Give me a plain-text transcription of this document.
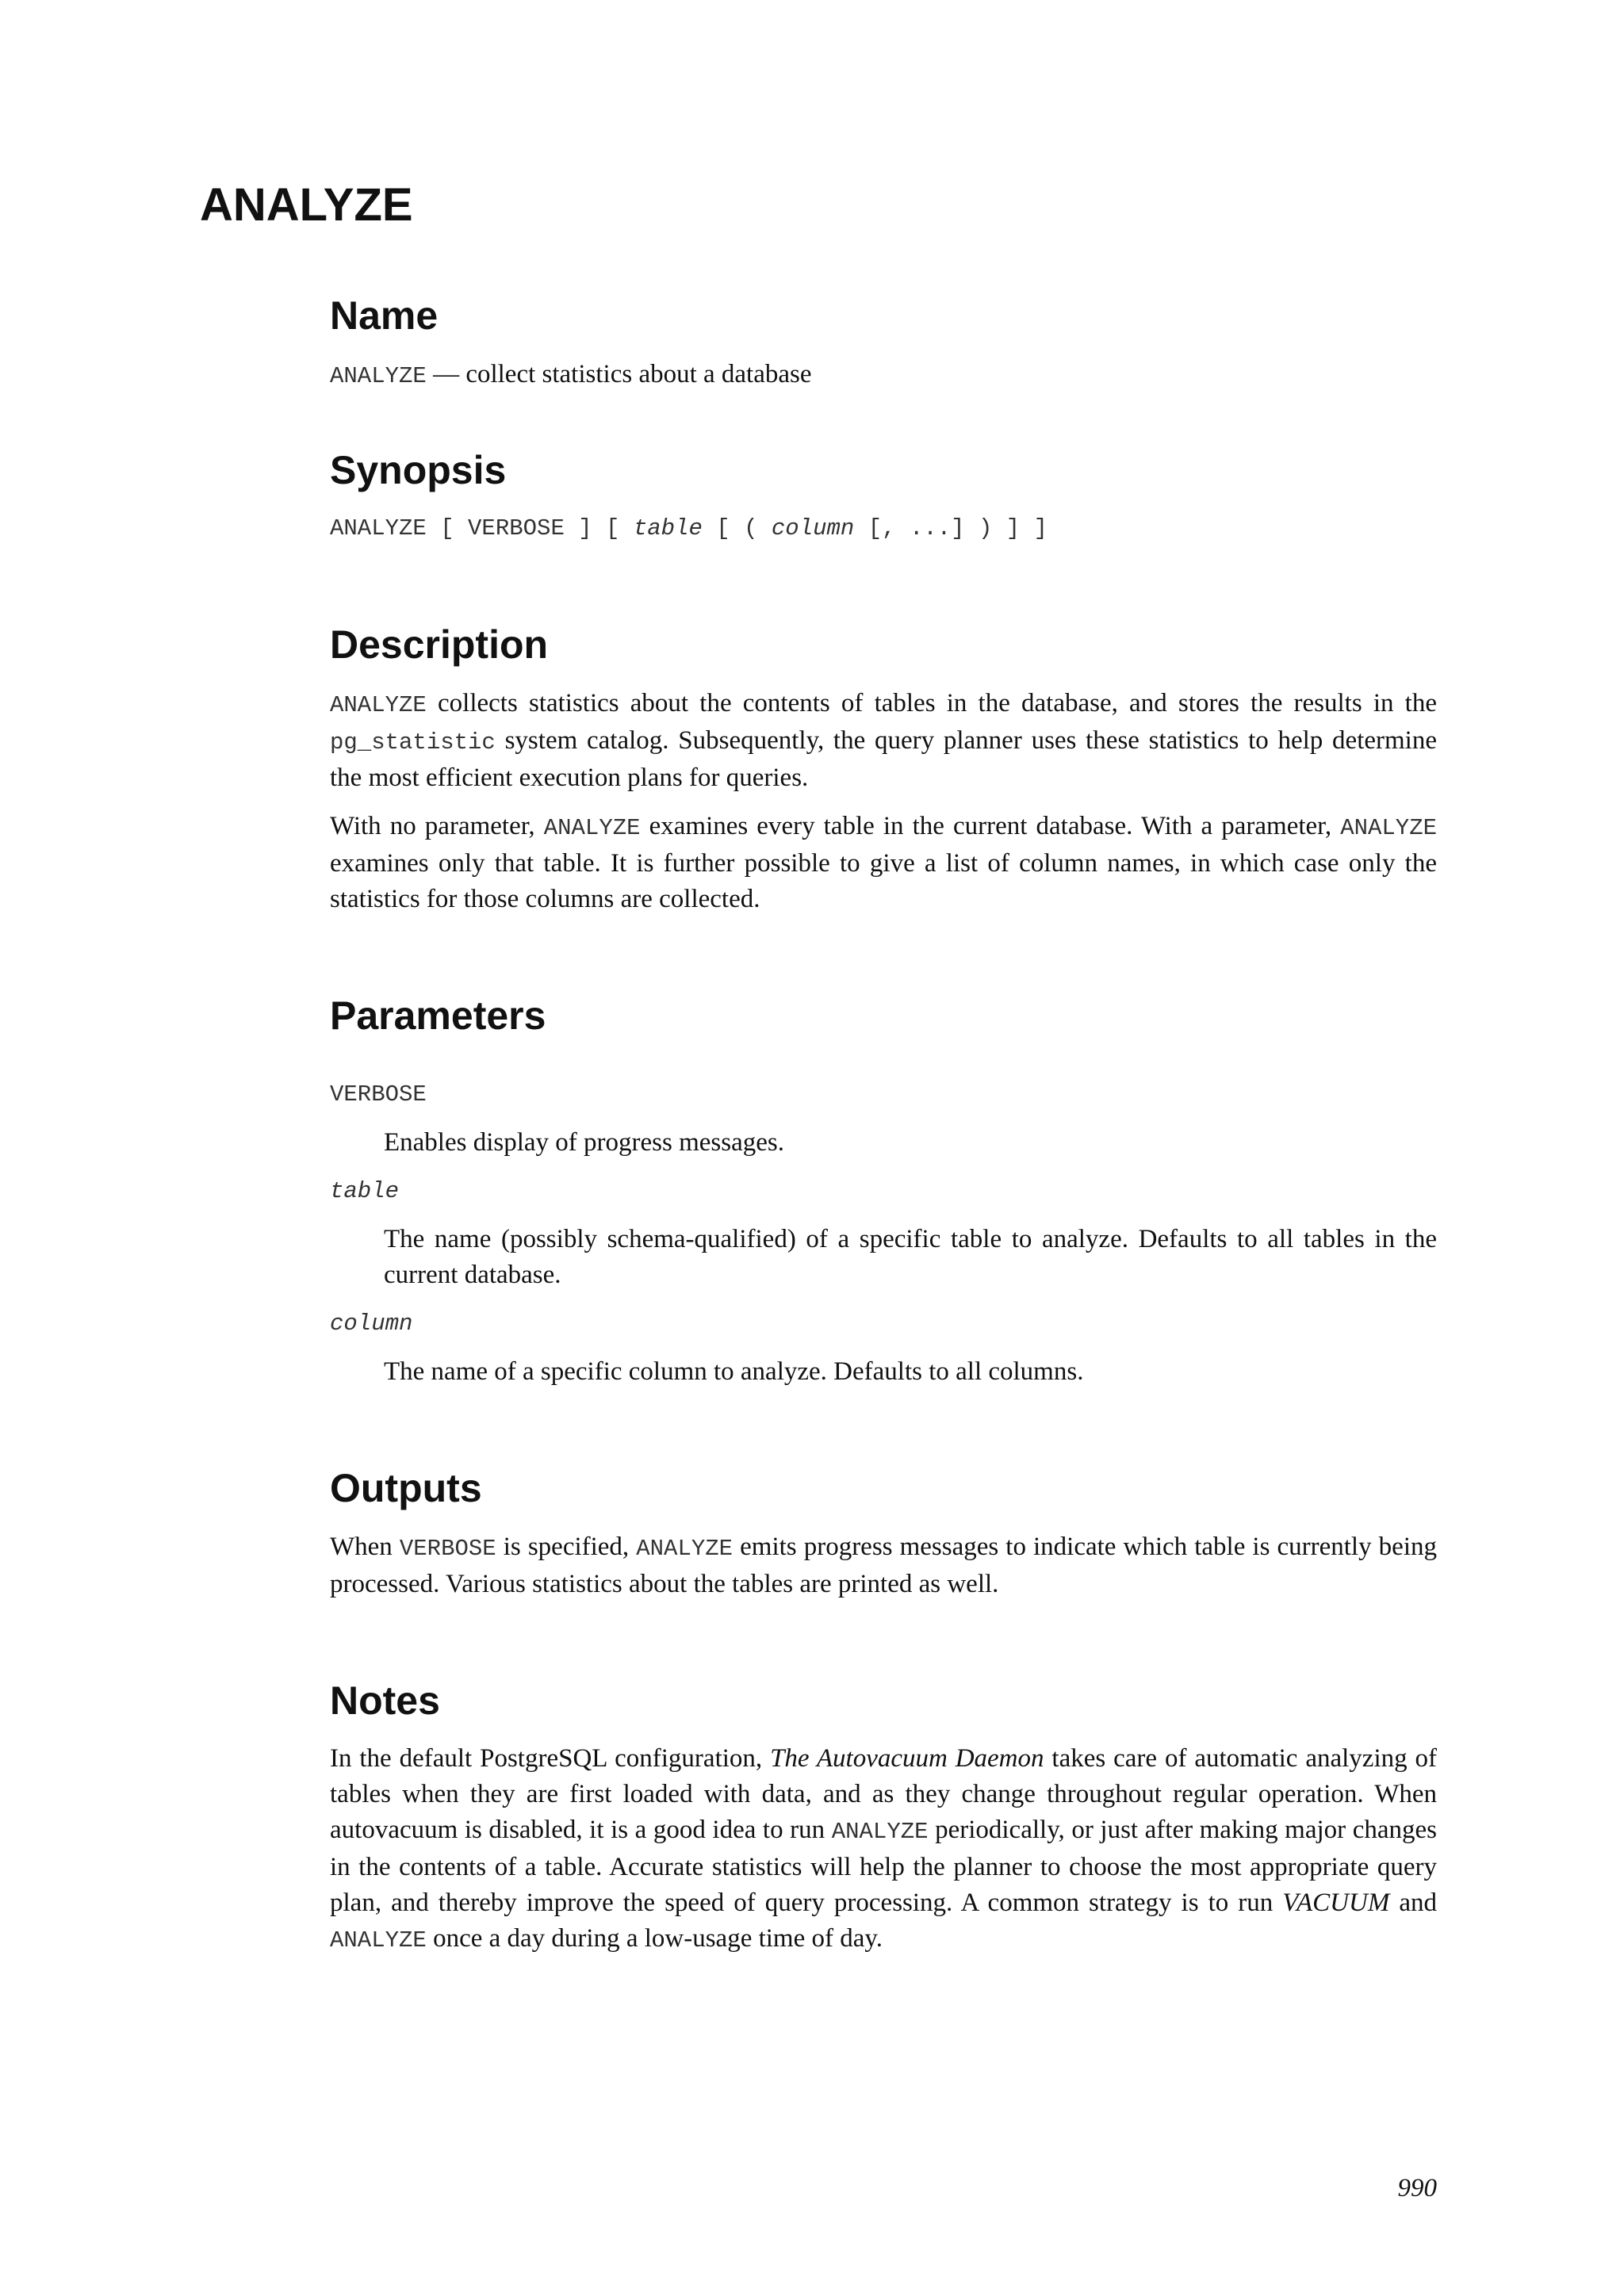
ANALYZE
Name

ANALYZE — collect statistics about a database

Synopsis
ANALYZE [ VERBOSE ] [ table [ ( column [, ...] ) ] ]
Description

ANALYZE collects statistics about the contents of tables in the database, and stores the results in the pg_statistic system catalog. Subsequently, the query planner uses these statistics to help determine the most efficient execution plans for queries.

With no parameter, ANALYZE examines every table in the current database. With a parameter, ANALYZE examines only that table. It is further possible to give a list of column names, in which case only the statistics for those columns are collected.

Parameters
VERBOSE

Enables display of progress messages.

table

The name (possibly schema-qualified) of a specific table to analyze. Defaults to all tables in the current database.

column

The name of a specific column to analyze. Defaults to all columns.

Outputs

When VERBOSE is specified, ANALYZE emits progress messages to indicate which table is currently being processed. Various statistics about the tables are printed as well.

Notes

In the default PostgreSQL configuration, The Autovacuum Daemon takes care of automatic analyzing of tables when they are first loaded with data, and as they change throughout regular operation. When autovacuum is disabled, it is a good idea to run ANALYZE periodically, or just after making major changes in the contents of a table. Accurate statistics will help the planner to choose the most appropriate query plan, and thereby improve the speed of query processing. A common strategy is to run VACUUM and ANALYZE once a day during a low-usage time of day.

990
